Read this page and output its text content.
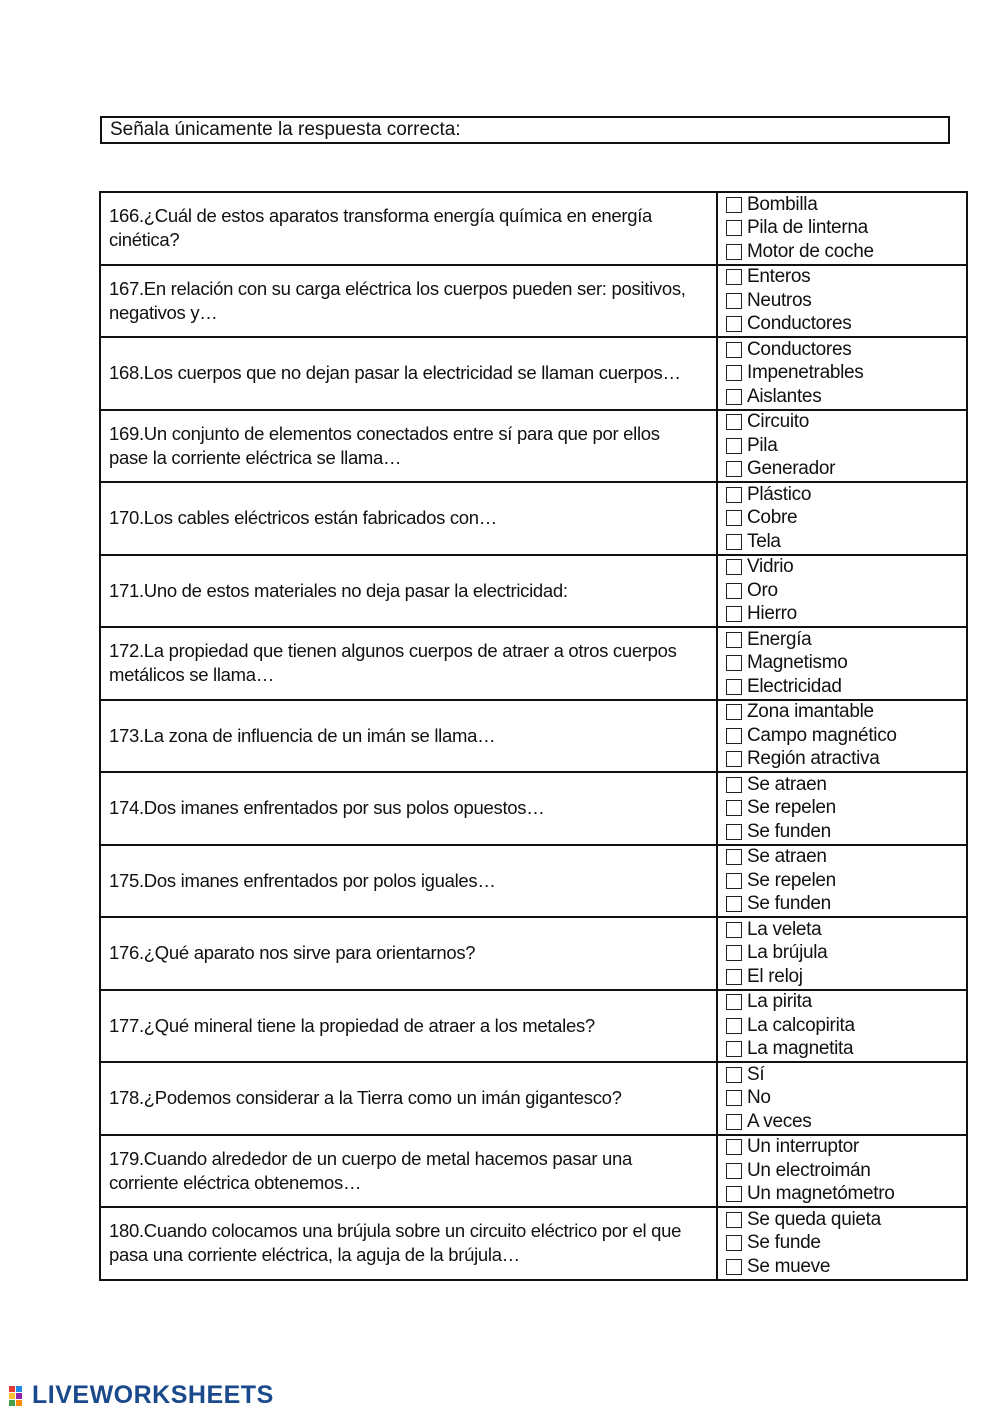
Señala únicamente la respuesta correcta:
166.¿Cuál de estos aparatos transforma energía química en energía cinética?	Bombilla
Pila de linterna
Motor de coche

167.En relación con su carga eléctrica los cuerpos pueden ser: positivos, negativos y…	Enteros
Neutros
Conductores

168.Los cuerpos que no dejan pasar la electricidad se llaman cuerpos…	Conductores
Impenetrables
Aislantes

169.Un conjunto de elementos conectados entre sí para que por ellos pase la corriente eléctrica se llama…	Circuito
Pila
Generador

170.Los cables eléctricos están fabricados con…	Plástico
Cobre
Tela

171.Uno de estos materiales no deja pasar la electricidad:	Vidrio
Oro
Hierro

172.La propiedad que tienen algunos cuerpos de atraer a otros cuerpos metálicos se llama…	Energía
Magnetismo
Electricidad

173.La zona de influencia de un imán se llama…	Zona imantable
Campo magnético
Región atractiva

174.Dos imanes enfrentados por sus polos opuestos…	Se atraen
Se repelen
Se funden

175.Dos imanes enfrentados por polos iguales…	Se atraen
Se repelen
Se funden

176.¿Qué aparato nos sirve para orientarnos?	La veleta
La brújula
El reloj

177.¿Qué mineral tiene la propiedad de atraer a los metales?	La pirita
La calcopirita
La magnetita

178.¿Podemos considerar a la Tierra como un imán gigantesco?	Sí
No
A veces

179.Cuando alrededor de un cuerpo de metal hacemos pasar una corriente eléctrica obtenemos…	Un interruptor
Un electroimán
Un magnetómetro

180.Cuando colocamos una brújula sobre un circuito eléctrico por el que pasa una corriente eléctrica, la aguja de la brújula…	Se queda quieta
Se funde
Se mueve
LIVEWORKSHEETS
